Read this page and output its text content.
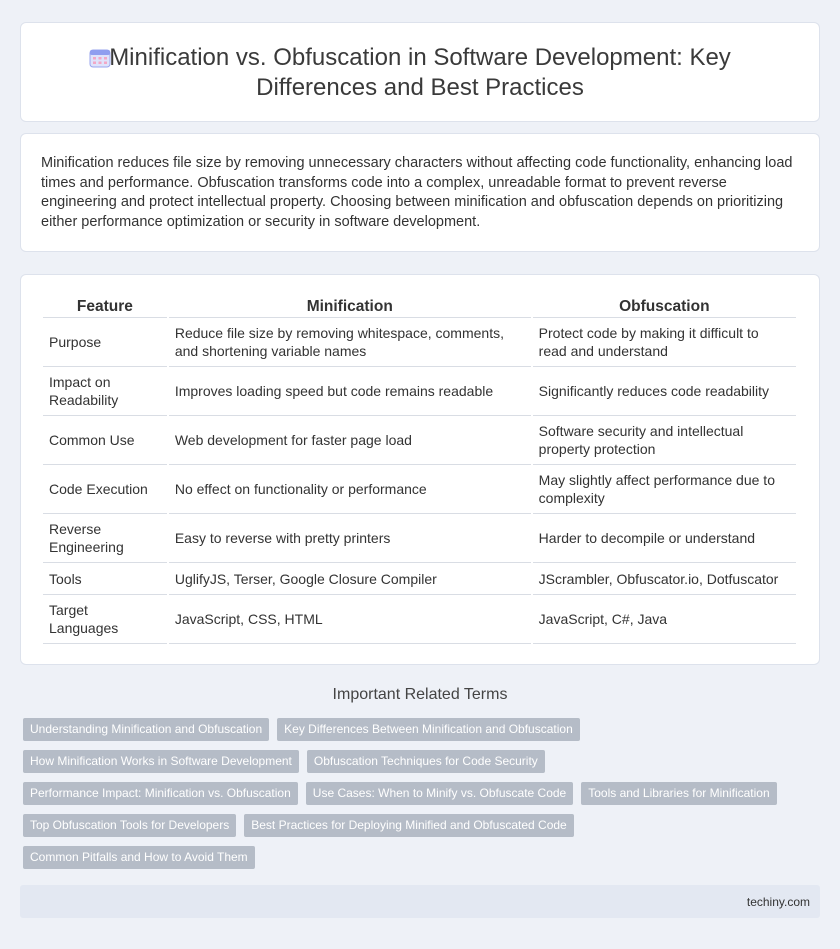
Minification vs. Obfuscation in Software Development: Key Differences and Best Practices

Minification reduces file size by removing unnecessary characters without affecting code functionality, enhancing load times and performance. Obfuscation transforms code into a complex, unreadable format to prevent reverse engineering and protect intellectual property. Choosing between minification and obfuscation depends on prioritizing either performance optimization or security in software development.

Feature	Minification	Obfuscation
Purpose	Reduce file size by removing whitespace, comments, and shortening variable names	Protect code by making it difficult to read and understand
Impact on Readability	Improves loading speed but code remains readable	Significantly reduces code readability
Common Use	Web development for faster page load	Software security and intellectual property protection
Code Execution	No effect on functionality or performance	May slightly affect performance due to complexity
Reverse Engineering	Easy to reverse with pretty printers	Harder to decompile or understand
Tools	UglifyJS, Terser, Google Closure Compiler	JScrambler, Obfuscator.io, Dotfuscator
Target Languages	JavaScript, CSS, HTML	JavaScript, C#, Java
Important Related Terms
Understanding Minification and Obfuscation	Key Differences Between Minification and Obfuscation
How Minification Works in Software Development	Obfuscation Techniques for Code Security
Performance Impact: Minification vs. Obfuscation	Use Cases: When to Minify vs. Obfuscate Code	Tools and Libraries for Minification
Top Obfuscation Tools for Developers	Best Practices for Deploying Minified and Obfuscated Code
Common Pitfalls and How to Avoid Them
techiny.com
